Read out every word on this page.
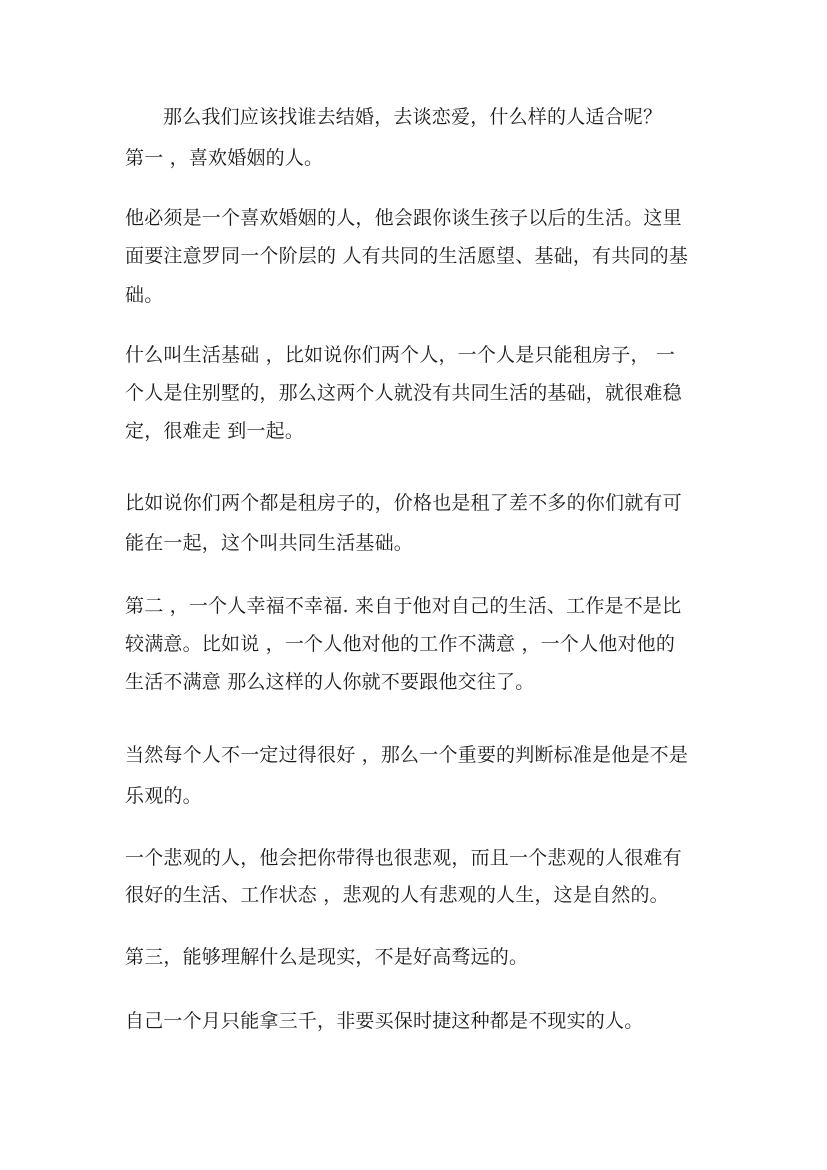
那么我们应该找谁去结婚，去谈恋爱，什么样的人适合呢？
第一 ，喜欢婚姻的人。
他必须是一个喜欢婚姻的人，他会跟你谈生孩子以后的生活。这里
面要注意罗同一个阶层的 人有共同的生活愿望、基础，有共同的基
础。
什么叫生活基础 ，比如说你们两个人，一个人是只能租房子， 一
个人是住别墅的，那么这两个人就没有共同生活的基础，就很难稳
定，很难走 到一起。
比如说你们两个都是租房子的，价格也是租了差不多的你们就有可
能在一起，这个叫共同生活基础。
第二 ，一个人幸福不幸福. 来自于他对自己的生活、工作是不是比
较满意。比如说 ，一个人他对他的工作不满意 ，一个人他对他的
生活不满意 那么这样的人你就不要跟他交往了。
当然每个人不一定过得很好 ，那么一个重要的判断标准是他是不是
乐观的。
一个悲观的人，他会把你带得也很悲观，而且一个悲观的人很难有
很好的生活、工作状态 ，悲观的人有悲观的人生，这是自然的。
第三，能够理解什么是现实，不是好高骛远的。
自己一个月只能拿三千，非要买保时捷这种都是不现实的人。
